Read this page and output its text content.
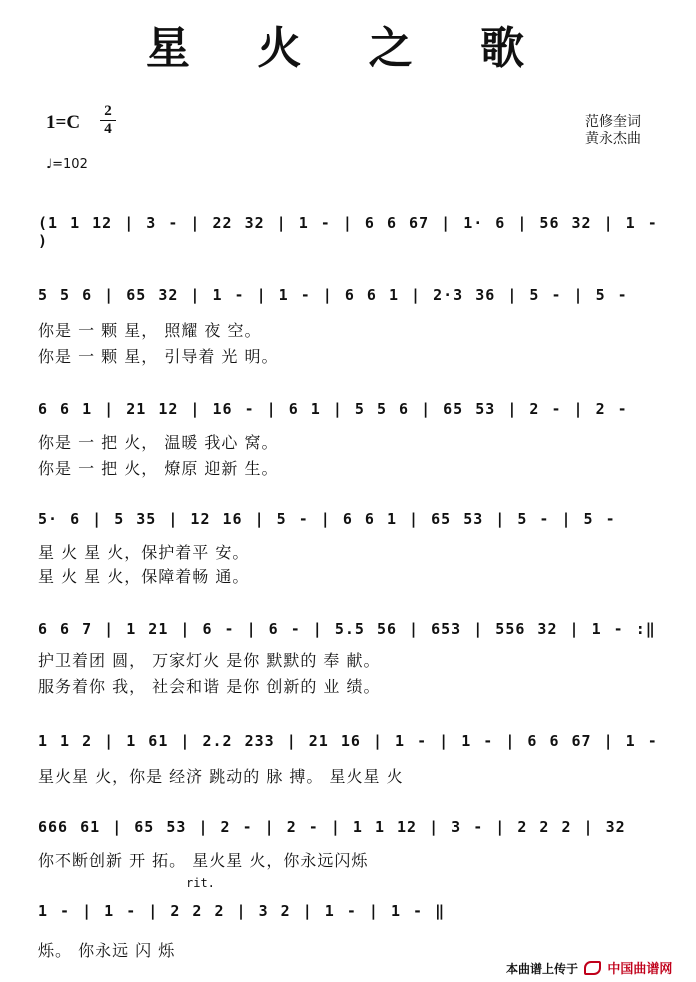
星 火 之 歌
1=C
2
4
♩=102
范修奎词
黄永杰曲
(1 1 12 | 3 - | 22 32 | 1 - | 6 6 67 | 1· 6 | 56 32 | 1 - )
5 5 6 | 65 32 | 1 - | 1 - | 6 6 1 | 2·3 36 | 5 - | 5 -
你是 一 颗 星， 照耀 夜 空。
你是 一 颗 星， 引导着 光 明。
6 6 1 | 21 12 | 16 - | 6 1 | 5 5 6 | 65 53 | 2 - | 2 -
你是 一 把 火， 温暖 我心 窝。
你是 一 把 火， 燎原 迎新 生。
5· 6 | 5 35 | 12 16 | 5 - | 6 6 1 | 65 53 | 5 - | 5 -
星 火 星 火，保护着平 安。
星 火 星 火，保障着畅 通。
6 6 7 | 1 21 | 6 - | 6 - | 5.5 56 | 653 | 556 32 | 1 - :‖
护卫着团 圆， 万家灯火 是你 默默的 奉 献。
服务着你 我， 社会和谐 是你 创新的 业 绩。
1 1 2 | 1 61 | 2.2 233 | 21 16 | 1 - | 1 - | 6 6 67 | 1 -
星火星 火，你是 经济 跳动的 脉 搏。 星火星 火
666 61 | 65 53 | 2 - | 2 - | 1 1 12 | 3 - | 2 2 2 | 32
你不断创新 开 拓。 星火星 火，你永远闪烁
rit.
1 - | 1 - | 2 2 2 | 3 2 | 1 - | 1 - ‖
烁。 你永远 闪 烁
本曲谱上传于 中国曲谱网
